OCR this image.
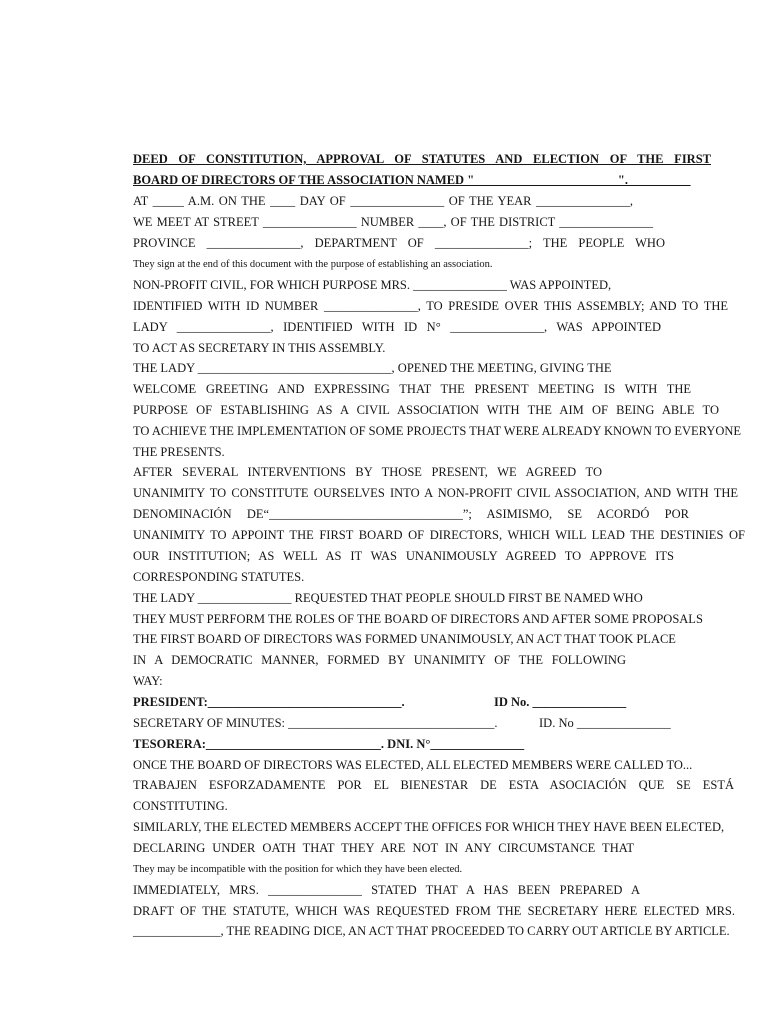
DEED OF CONSTITUTION, APPROVAL OF STATUTES AND ELECTION OF THE FIRST
BOARD OF DIRECTORS OF THE ASSOCIATION NAMED " ______________________ ".__________
AT _____ A.M. ON THE ____ DAY OF _______________ OF THE YEAR _______________,
WE MEET AT STREET _______________ NUMBER ____, OF THE DISTRICT _______________
PROVINCE _______________, DEPARTMENT OF _______________; THE PEOPLE WHO
They sign at the end of this document with the purpose of establishing an association.
NON-PROFIT CIVIL, FOR WHICH PURPOSE MRS. _______________ WAS APPOINTED,
IDENTIFIED WITH ID NUMBER _______________, TO PRESIDE OVER THIS ASSEMBLY; AND TO THE
LADY _______________, IDENTIFIED WITH ID N° _______________, WAS APPOINTED
TO ACT AS SECRETARY IN THIS ASSEMBLY.
THE LADY _______________________________, OPENED THE MEETING, GIVING THE
WELCOME GREETING AND EXPRESSING THAT THE PRESENT MEETING IS WITH THE
PURPOSE OF ESTABLISHING AS A CIVIL ASSOCIATION WITH THE AIM OF BEING ABLE TO
TO ACHIEVE THE IMPLEMENTATION OF SOME PROJECTS THAT WERE ALREADY KNOWN TO EVERYONE
THE PRESENTS.
AFTER SEVERAL INTERVENTIONS BY THOSE PRESENT, WE AGREED TO
UNANIMITY TO CONSTITUTE OURSELVES INTO A NON-PROFIT CIVIL ASSOCIATION, AND WITH THE
DENOMINACIÓN DE“_______________________________”; ASIMISMO, SE ACORDÓ POR
UNANIMITY TO APPOINT THE FIRST BOARD OF DIRECTORS, WHICH WILL LEAD THE DESTINIES OF
OUR INSTITUTION; AS WELL AS IT WAS UNANIMOUSLY AGREED TO APPROVE ITS
CORRESPONDING STATUTES.
THE LADY _______________ REQUESTED THAT PEOPLE SHOULD FIRST BE NAMED WHO
THEY MUST PERFORM THE ROLES OF THE BOARD OF DIRECTORS AND AFTER SOME PROPOSALS
THE FIRST BOARD OF DIRECTORS WAS FORMED UNANIMOUSLY, AN ACT THAT TOOK PLACE
IN A DEMOCRATIC MANNER, FORMED BY UNANIMITY OF THE FOLLOWING
WAY:
PRESIDENT:_______________________________.	ID No. _______________
SECRETARY OF MINUTES: _________________________________.	ID. No _______________
TESORERA:____________________________. DNI. N°_______________
ONCE THE BOARD OF DIRECTORS WAS ELECTED, ALL ELECTED MEMBERS WERE CALLED TO...
TRABAJEN ESFORZADAMENTE POR EL BIENESTAR DE ESTA ASOCIACIÓN QUE SE ESTÁ
CONSTITUTING.
SIMILARLY, THE ELECTED MEMBERS ACCEPT THE OFFICES FOR WHICH THEY HAVE BEEN ELECTED,
DECLARING UNDER OATH THAT THEY ARE NOT IN ANY CIRCUMSTANCE THAT
They may be incompatible with the position for which they have been elected.
IMMEDIATELY, MRS. _______________ STATED THAT A HAS BEEN PREPARED A
DRAFT OF THE STATUTE, WHICH WAS REQUESTED FROM THE SECRETARY HERE ELECTED MRS.
______________, THE READING DICE, AN ACT THAT PROCEEDED TO CARRY OUT ARTICLE BY ARTICLE.
